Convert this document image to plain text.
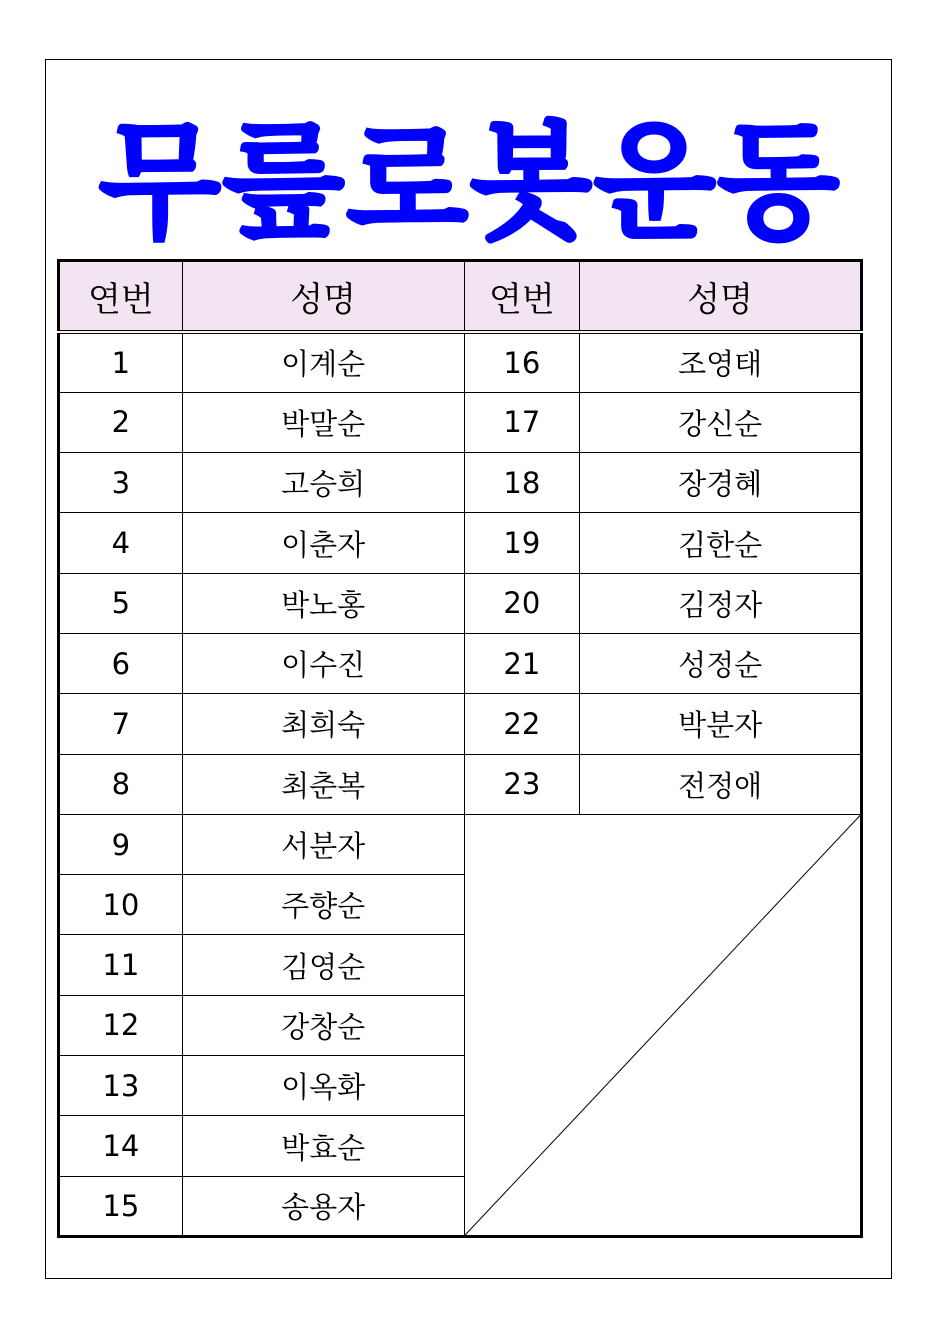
무릎로봇운동
연번	성명	연번	성명
1	이계순	16	조영태
2	박말순	17	강신순
3	고승희	18	장경혜
4	이춘자	19	김한순
5	박노홍	20	김정자
6	이수진	21	성정순
7	최희숙	22	박분자
8	최춘복	23	전정애
9	서분자	

10	주향순		
11	김영순		
12	강창순		
13	이옥화		
14	박효순		
15	송용자		
